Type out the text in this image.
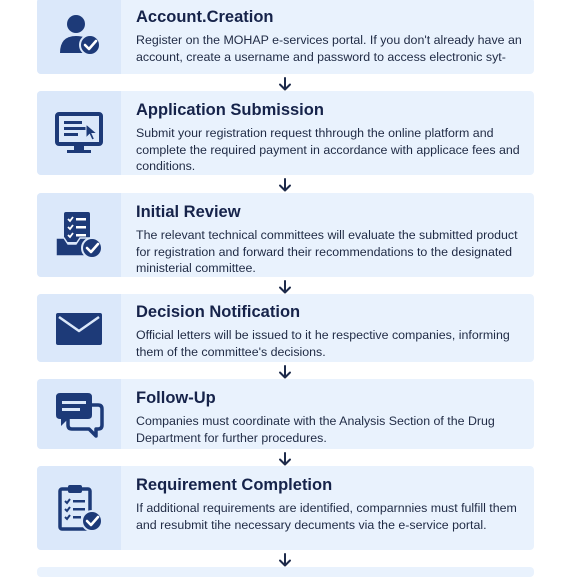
Account.Creation

Register on the MOHAP e-services portal. If you don't already have an account, create a username and password to access electronic syt-

Application Submission

Submit your registration request thhrough the online platform and complete the required payment in accordance with applicace fees and conditions.

Initial Review

The relevant technical committees will evaluate the submitted product for registration and forward their recommendations to the designated ministerial committee.

Decision Notification

Official letters will be issued to it he respective companies, informing them of the committee's decisions.

Follow-Up

Companies must coordinate with the Analysis Section of the Drug Department for further procedures.

Requirement Completion

If additional requirements are identified, comparnnies must fulfill them and resubmit tihe necessary decuments via the e-service portal.
